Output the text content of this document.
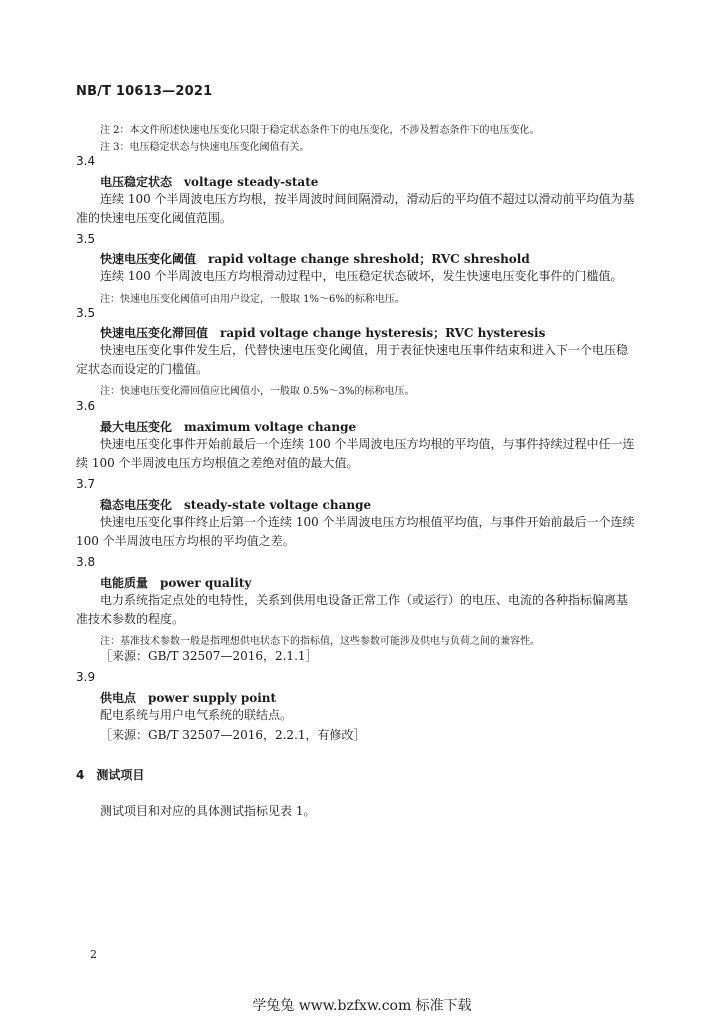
NB/T 10613—2021
注 2：本文件所述快速电压变化只限于稳定状态条件下的电压变化，不涉及暂态条件下的电压变化。
注 3：电压稳定状态与快速电压变化阈值有关。
3.4
电压稳定状态 voltage steady-state
连续 100 个半周波电压方均根，按半周波时间间隔滑动，滑动后的平均值不超过以滑动前平均值为基准的快速电压变化阈值范围。
3.5
快速电压变化阈值 rapid voltage change shreshold；RVC shreshold
连续 100 个半周波电压方均根滑动过程中，电压稳定状态破坏，发生快速电压变化事件的门槛值。
注：快速电压变化阈值可由用户设定，一般取 1%～6%的标称电压。
3.5
快速电压变化滞回值 rapid voltage change hysteresis；RVC hysteresis
快速电压变化事件发生后，代替快速电压变化阈值，用于表征快速电压事件结束和进入下一个电压稳定状态而设定的门槛值。
注：快速电压变化滞回值应比阈值小，一般取 0.5%～3%的标称电压。
3.6
最大电压变化 maximum voltage change
快速电压变化事件开始前最后一个连续 100 个半周波电压方均根的平均值，与事件持续过程中任一连续 100 个半周波电压方均根值之差绝对值的最大值。
3.7
稳态电压变化 steady-state voltage change
快速电压变化事件终止后第一个连续 100 个半周波电压方均根值平均值，与事件开始前最后一个连续 100 个半周波电压方均根的平均值之差。
3.8
电能质量 power quality
电力系统指定点处的电特性，关系到供用电设备正常工作（或运行）的电压、电流的各种指标偏离基准技术参数的程度。
注：基准技术参数一般是指理想供电状态下的指标值，这些参数可能涉及供电与负荷之间的兼容性。
［来源：GB/T 32507—2016，2.1.1］
3.9
供电点 power supply point
配电系统与用户电气系统的联结点。
［来源：GB/T 32507—2016，2.2.1，有修改］
4　测试项目
测试项目和对应的具体测试指标见表 1。
2
学兔兔 www.bzfxw.com 标准下载
